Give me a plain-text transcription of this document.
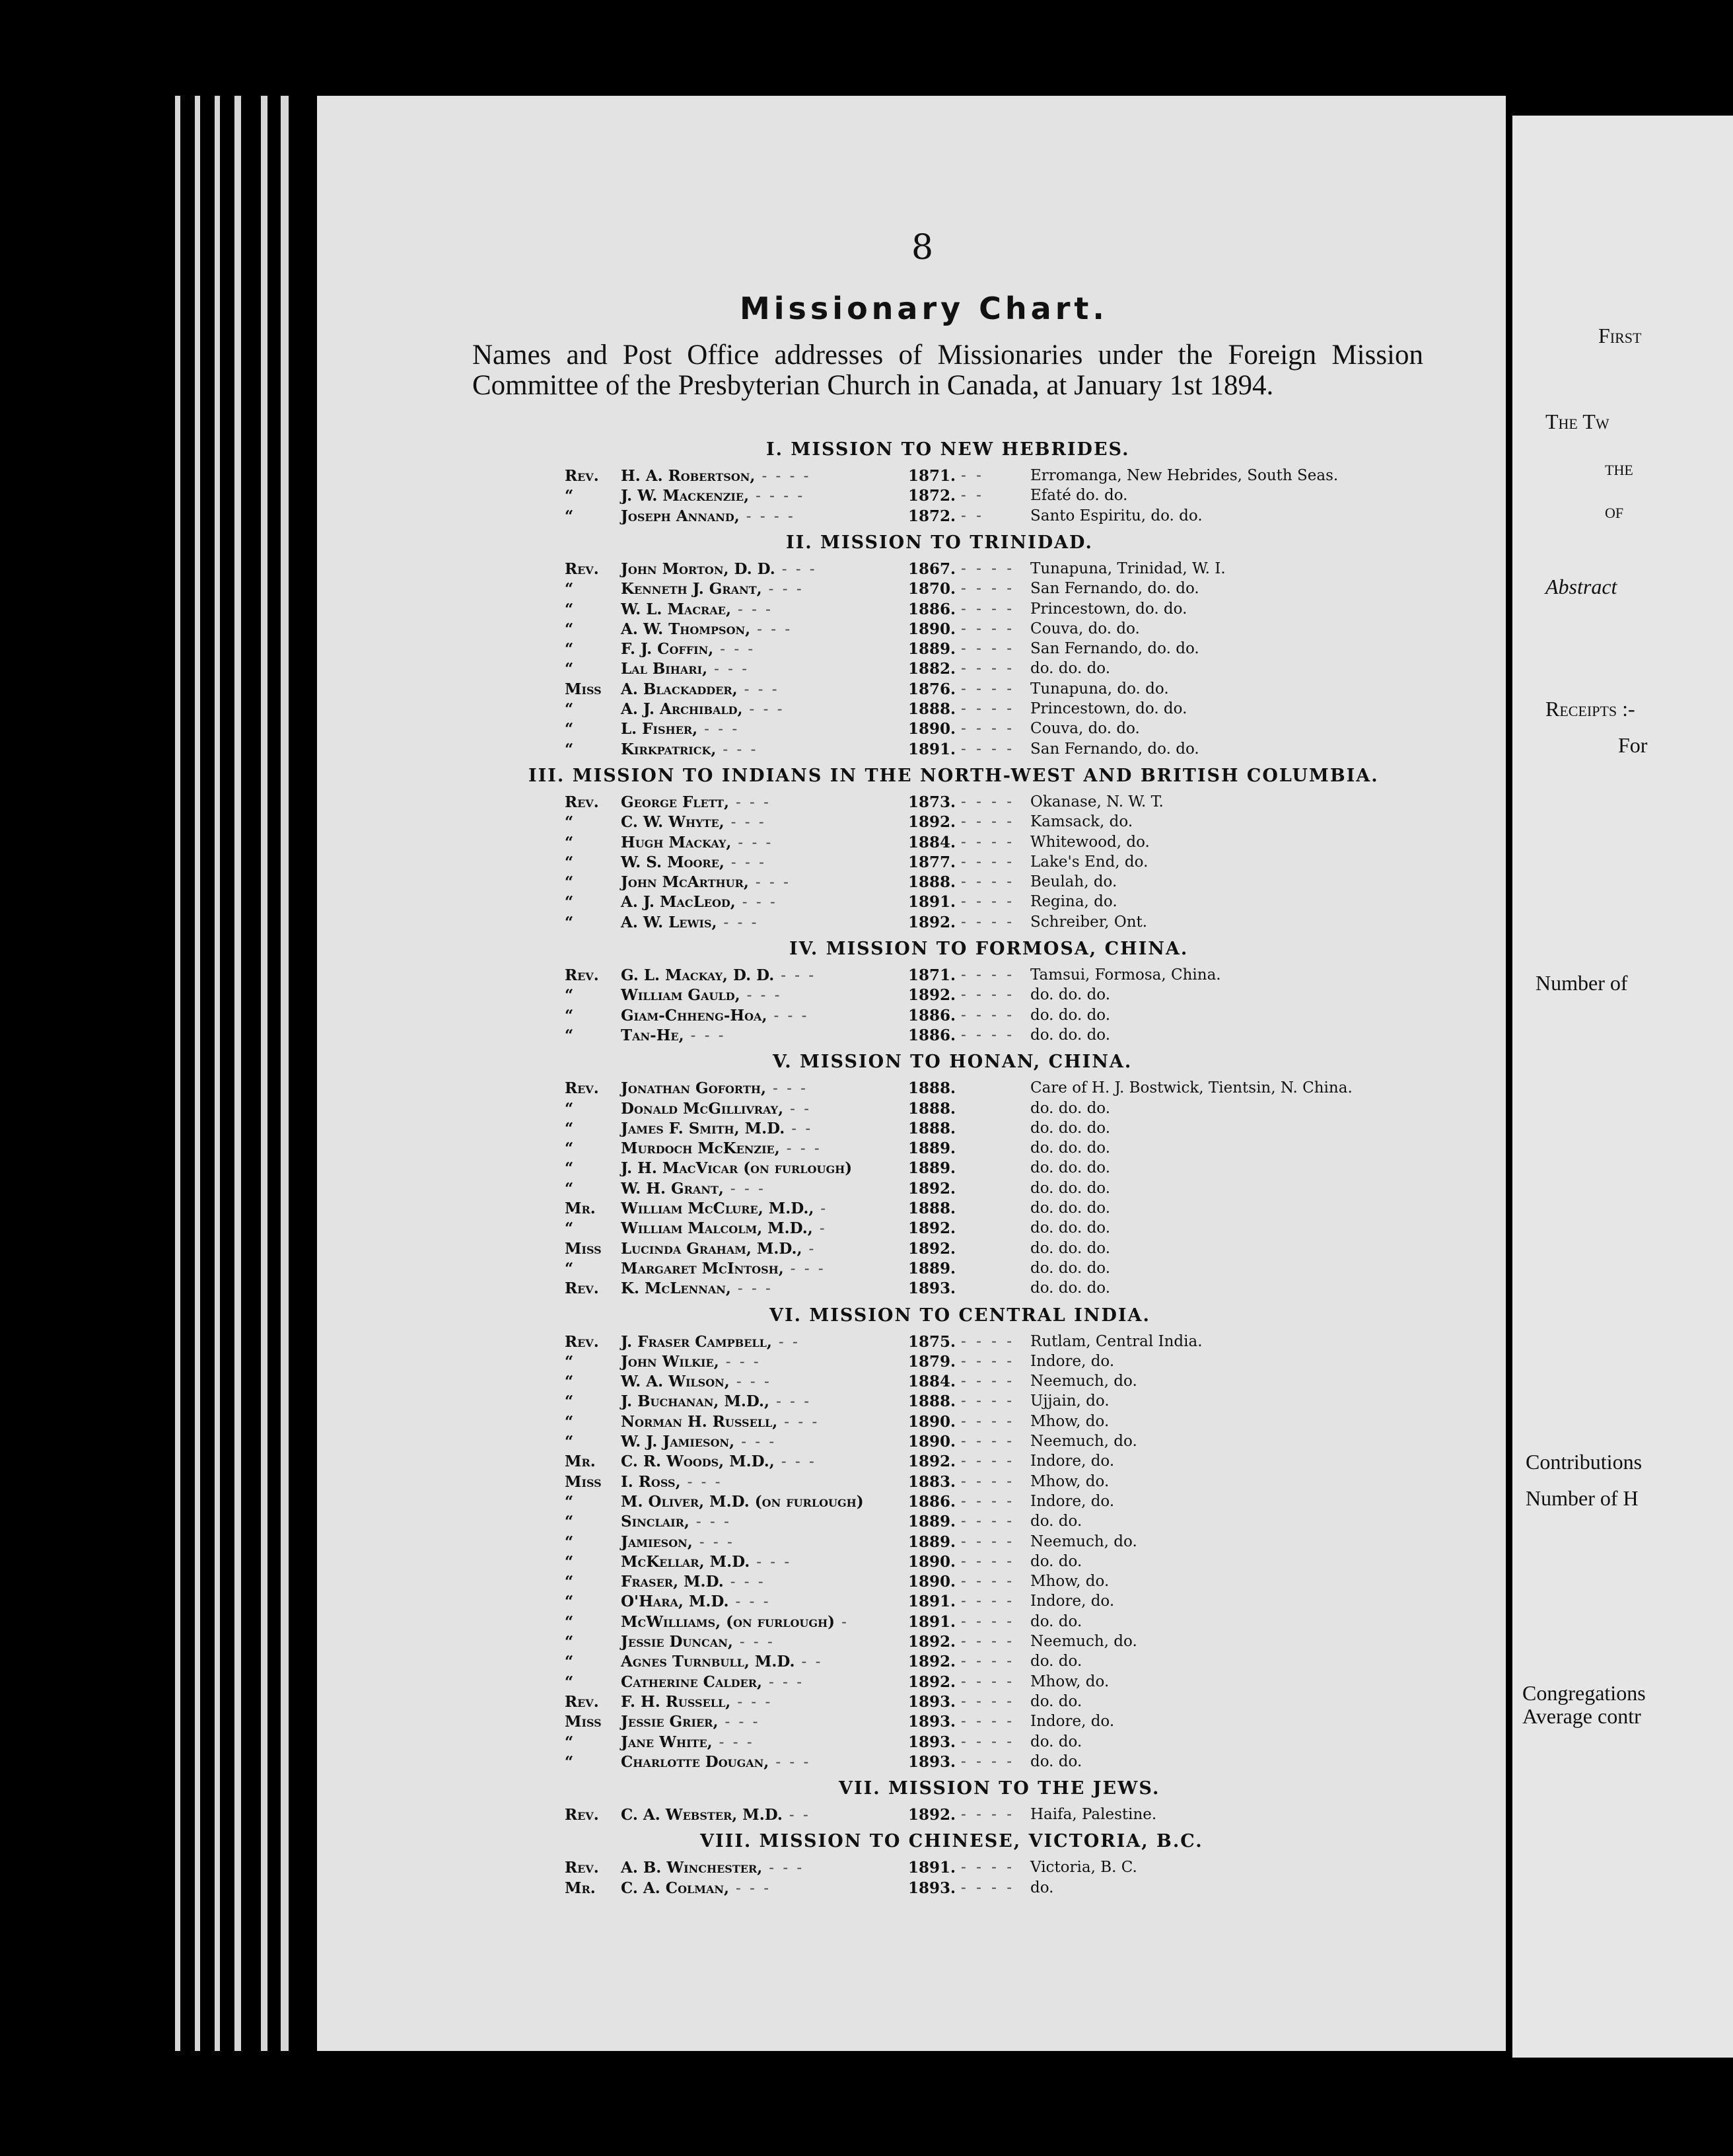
First
The Tw
the
of
Abstract
Receipts :-
For
Number of
Contributions
Number of H
Congregations
Average contr
8
Missionary Chart.
Names and Post Office addresses of Missionaries under the Foreign Mission Committee of the Presbyterian Church in Canada, at January 1st 1894.
I. MISSION TO NEW HEBRIDES.
Rev.	H. A. Robertson, - - - -	1871. - -	Erromanga, New Hebrides, South Seas.
“	J. W. Mackenzie, - - - -	1872. - -	Efaté do. do.
“	Joseph Annand, - - - -	1872. - -	Santo Espiritu, do. do.
II. MISSION TO TRINIDAD.
Rev.	John Morton, D. D. - - -	1867. - - - - Tunapuna, Trinidad, W. I.
“	Kenneth J. Grant, - - -	1870. - - - - San Fernando, do. do.
“	W. L. Macrae, - - -	1886. - - - - Princestown, do. do.
“	A. W. Thompson, - - -	1890. - - - - Couva, do. do.
“	F. J. Coffin, - - -	1889. - - - - San Fernando, do. do.
“	Lal Bihari, - - -	1882. - - - - do. do. do.
Miss	A. Blackadder, - - -	1876. - - - - Tunapuna, do. do.
“	A. J. Archibald, - - -	1888. - - - - Princestown, do. do.
“	L. Fisher, - - -	1890. - - - - Couva, do. do.
“	Kirkpatrick, - - -	1891. - - - - San Fernando, do. do.
III. MISSION TO INDIANS IN THE NORTH-WEST AND BRITISH COLUMBIA.
Rev.	George Flett, - - -	1873. - - - - Okanase, N. W. T.
“	C. W. Whyte, - - -	1892. - - - - Kamsack, do.
“	Hugh Mackay, - - -	1884. - - - - Whitewood, do.
“	W. S. Moore, - - -	1877. - - - - Lake's End, do.
“	John McArthur, - - -	1888. - - - - Beulah, do.
“	A. J. MacLeod, - - -	1891. - - - - Regina, do.
“	A. W. Lewis, - - -	1892. - - - - Schreiber, Ont.
IV. MISSION TO FORMOSA, CHINA.
Rev.	G. L. Mackay, D. D. - - -	1871. - - - - Tamsui, Formosa, China.
“	William Gauld, - - -	1892. - - - - do. do. do.
“	Giam-Chheng-Hoa, - - -	1886. - - - - do. do. do.
“	Tan-He, - - -	1886. - - - - do. do. do.
V. MISSION TO HONAN, CHINA.
Rev.	Jonathan Goforth, - - -	1888.	Care of H. J. Bostwick, Tientsin, N. China.
“	Donald McGillivray, - -	1888.	do. do. do.
“	James F. Smith, M.D. - -	1888.	do. do. do.
“	Murdoch McKenzie, - - -	1889.	do. do. do.
“	J. H. MacVicar (on furlough)	1889.	do. do. do.
“	W. H. Grant, - - -	1892.	do. do. do.
Mr.	William McClure, M.D., -	1888.	do. do. do.
“	William Malcolm, M.D., -	1892.	do. do. do.
Miss	Lucinda Graham, M.D., -	1892.	do. do. do.
“	Margaret McIntosh, - - -	1889.	do. do. do.
Rev.	K. McLennan, - - -	1893.	do. do. do.
VI. MISSION TO CENTRAL INDIA.
Rev.	J. Fraser Campbell, - -	1875. - - - - Rutlam, Central India.
“	John Wilkie, - - -	1879. - - - - Indore, do.
“	W. A. Wilson, - - -	1884. - - - - Neemuch, do.
“	J. Buchanan, M.D., - - -	1888. - - - - Ujjain, do.
“	Norman H. Russell, - - -	1890. - - - - Mhow, do.
“	W. J. Jamieson, - - -	1890. - - - - Neemuch, do.
Mr.	C. R. Woods, M.D., - - -	1892. - - - - Indore, do.
Miss	I. Ross, - - -	1883. - - - - Mhow, do.
“	M. Oliver, M.D. (on furlough)	1886. - - - - Indore, do.
“	Sinclair, - - -	1889. - - - - do. do.
“	Jamieson, - - -	1889. - - - - Neemuch, do.
“	McKellar, M.D. - - -	1890. - - - - do. do.
“	Fraser, M.D. - - -	1890. - - - - Mhow, do.
“	O'Hara, M.D. - - -	1891. - - - - Indore, do.
“	McWilliams, (on furlough) -	1891. - - - - do. do.
“	Jessie Duncan, - - -	1892. - - - - Neemuch, do.
“	Agnes Turnbull, M.D. - -	1892. - - - - do. do.
“	Catherine Calder, - - -	1892. - - - - Mhow, do.
Rev.	F. H. Russell, - - -	1893. - - - - do. do.
Miss	Jessie Grier, - - -	1893. - - - - Indore, do.
“	Jane White, - - -	1893. - - - - do. do.
“	Charlotte Dougan, - - -	1893. - - - - do. do.
VII. MISSION TO THE JEWS.
Rev.	C. A. Webster, M.D. - -	1892. - - - - Haifa, Palestine.
VIII. MISSION TO CHINESE, VICTORIA, B.C.
Rev.	A. B. Winchester, - - -	1891. - - - - Victoria, B. C.
Mr.	C. A. Colman, - - -	1893. - - - - do.
